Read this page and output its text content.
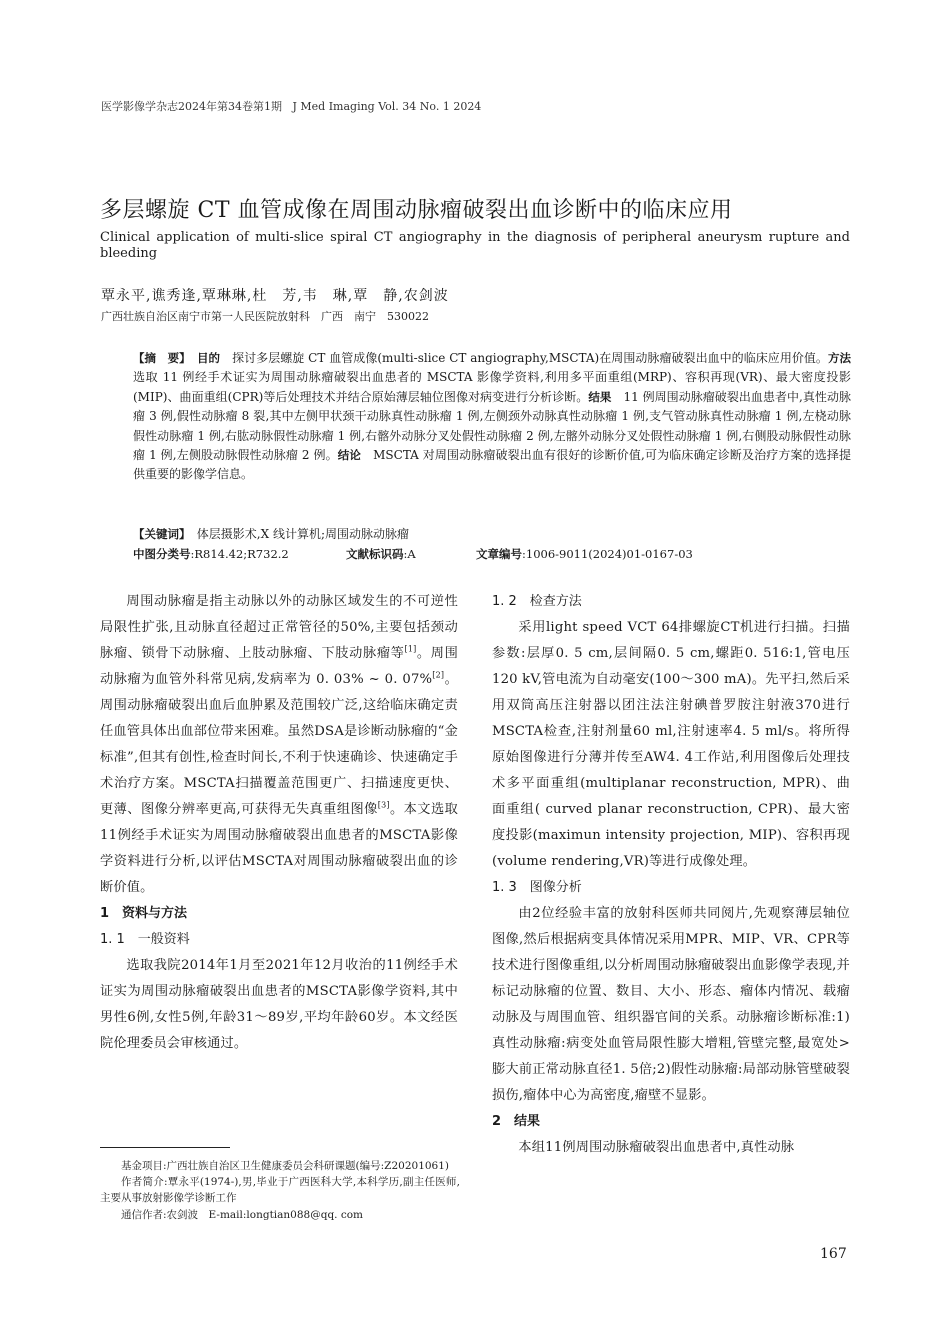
医学影像学杂志2024年第34卷第1期   J Med Imaging Vol. 34 No. 1 2024
多层螺旋 CT 血管成像在周围动脉瘤破裂出血诊断中的临床应用

Clinical application of multi-slice spiral CT angiography in the diagnosis of peripheral aneurysm rupture and bleeding

覃永平,谯秀逢,覃琳琳,杜　芳,韦　琳,覃　静,农剑波
广西壮族自治区南宁市第一人民医院放射科　广西　南宁　530022

【摘　要】　 目的　 探讨多层螺旋 CT 血管成像(multi-slice CT angiography,MSCTA)在周围动脉瘤破裂出血中的临床应用价值。方法　选取 11 例经手术证实为周围动脉瘤破裂出血患者的 MSCTA 影像学资料,利用多平面重组(MRP)、容积再现(VR)、最大密度投影(MIP)、曲面重组(CPR)等后处理技术并结合原始薄层轴位图像对病变进行分析诊断。结果　 11 例周围动脉瘤破裂出血患者中,真性动脉瘤 3 例,假性动脉瘤 8 裂,其中左侧甲状颈干动脉真性动脉瘤 1 例,左侧颈外动脉真性动脉瘤 1 例,支气管动脉真性动脉瘤 1 例,左桡动脉假性动脉瘤 1 例,右肱动脉假性动脉瘤 1 例,右髂外动脉分叉处假性动脉瘤 2 例,左髂外动脉分叉处假性动脉瘤 1 例,右侧股动脉假性动脉瘤 1 例,左侧股动脉假性动脉瘤 2 例。结论　 MSCTA 对周围动脉瘤破裂出血有很好的诊断价值,可为临床确定诊断及治疗方案的选择提供重要的影像学信息。

【关键词】　 体层摄影术,X 线计算机;周围动脉动脉瘤
中图分类号:R814.42;R732.2	文献标识码:A	文章编号:1006-9011(2024)01-0167-03

周围动脉瘤是指主动脉以外的动脉区域发生的不可逆性局限性扩张,且动脉直径超过正常管径的50%,主要包括颈动脉瘤、锁骨下动脉瘤、上肢动脉瘤、下肢动脉瘤等[1]。周围动脉瘤为血管外科常见病,发病率为 0. 03% ~ 0. 07%[2]。周围动脉瘤破裂出血后血肿累及范围较广泛,这给临床确定责任血管具体出血部位带来困难。虽然DSA是诊断动脉瘤的“金标准”,但其有创性,检查时间长,不利于快速确诊、快速确定手术治疗方案。MSCTA扫描覆盖范围更广、扫描速度更快、更薄、图像分辨率更高,可获得无失真重组图像[3]。本文选取11例经手术证实为周围动脉瘤破裂出血患者的MSCTA影像学资料进行分析,以评估MSCTA对周围动脉瘤破裂出血的诊断价值。

1　资料与方法

1. 1　一般资料

选取我院2014年1月至2021年12月收治的11例经手术证实为周围动脉瘤破裂出血患者的MSCTA影像学资料,其中男性6例,女性5例,年龄31～89岁,平均年龄60岁。本文经医院伦理委员会审核通过。

1. 2　检查方法

采用light speed VCT 64排螺旋CT机进行扫描。扫描参数:层厚0. 5 cm,层间隔0. 5 cm,螺距0. 516:1,管电压 120 kV,管电流为自动毫安(100～300 mA)。先平扫,然后采用双筒高压注射器以团注法注射碘普罗胺注射液370进行MSCTA检查,注射剂量60 ml,注射速率4. 5 ml/s。将所得原始图像进行分薄并传至AW4. 4工作站,利用图像后处理技术多平面重组(multiplanar reconstruction, MPR)、曲面重组( curved planar reconstruction, CPR)、最大密度投影(maximun intensity projection, MIP)、容积再现(volume rendering,VR)等进行成像处理。

1. 3　图像分析

由2位经验丰富的放射科医师共同阅片,先观察薄层轴位图像,然后根据病变具体情况采用MPR、MIP、VR、CPR等技术进行图像重组,以分析周围动脉瘤破裂出血影像学表现,并标记动脉瘤的位置、数目、大小、形态、瘤体内情况、载瘤动脉及与周围血管、组织器官间的关系。动脉瘤诊断标准:1)真性动脉瘤:病变处血管局限性膨大增粗,管壁完整,最宽处>膨大前正常动脉直径1. 5倍;2)假性动脉瘤:局部动脉管壁破裂损伤,瘤体中心为高密度,瘤壁不显影。

2　结果

本组11例周围动脉瘤破裂出血患者中,真性动脉

基金项目:广西壮族自治区卫生健康委员会科研课题(编号:Z20201061)

作者简介:覃永平(1974-),男,毕业于广西医科大学,本科学历,副主任医师,主要从事放射影像学诊断工作

通信作者:农剑波　E-mail:longtian088@qq. com

167
